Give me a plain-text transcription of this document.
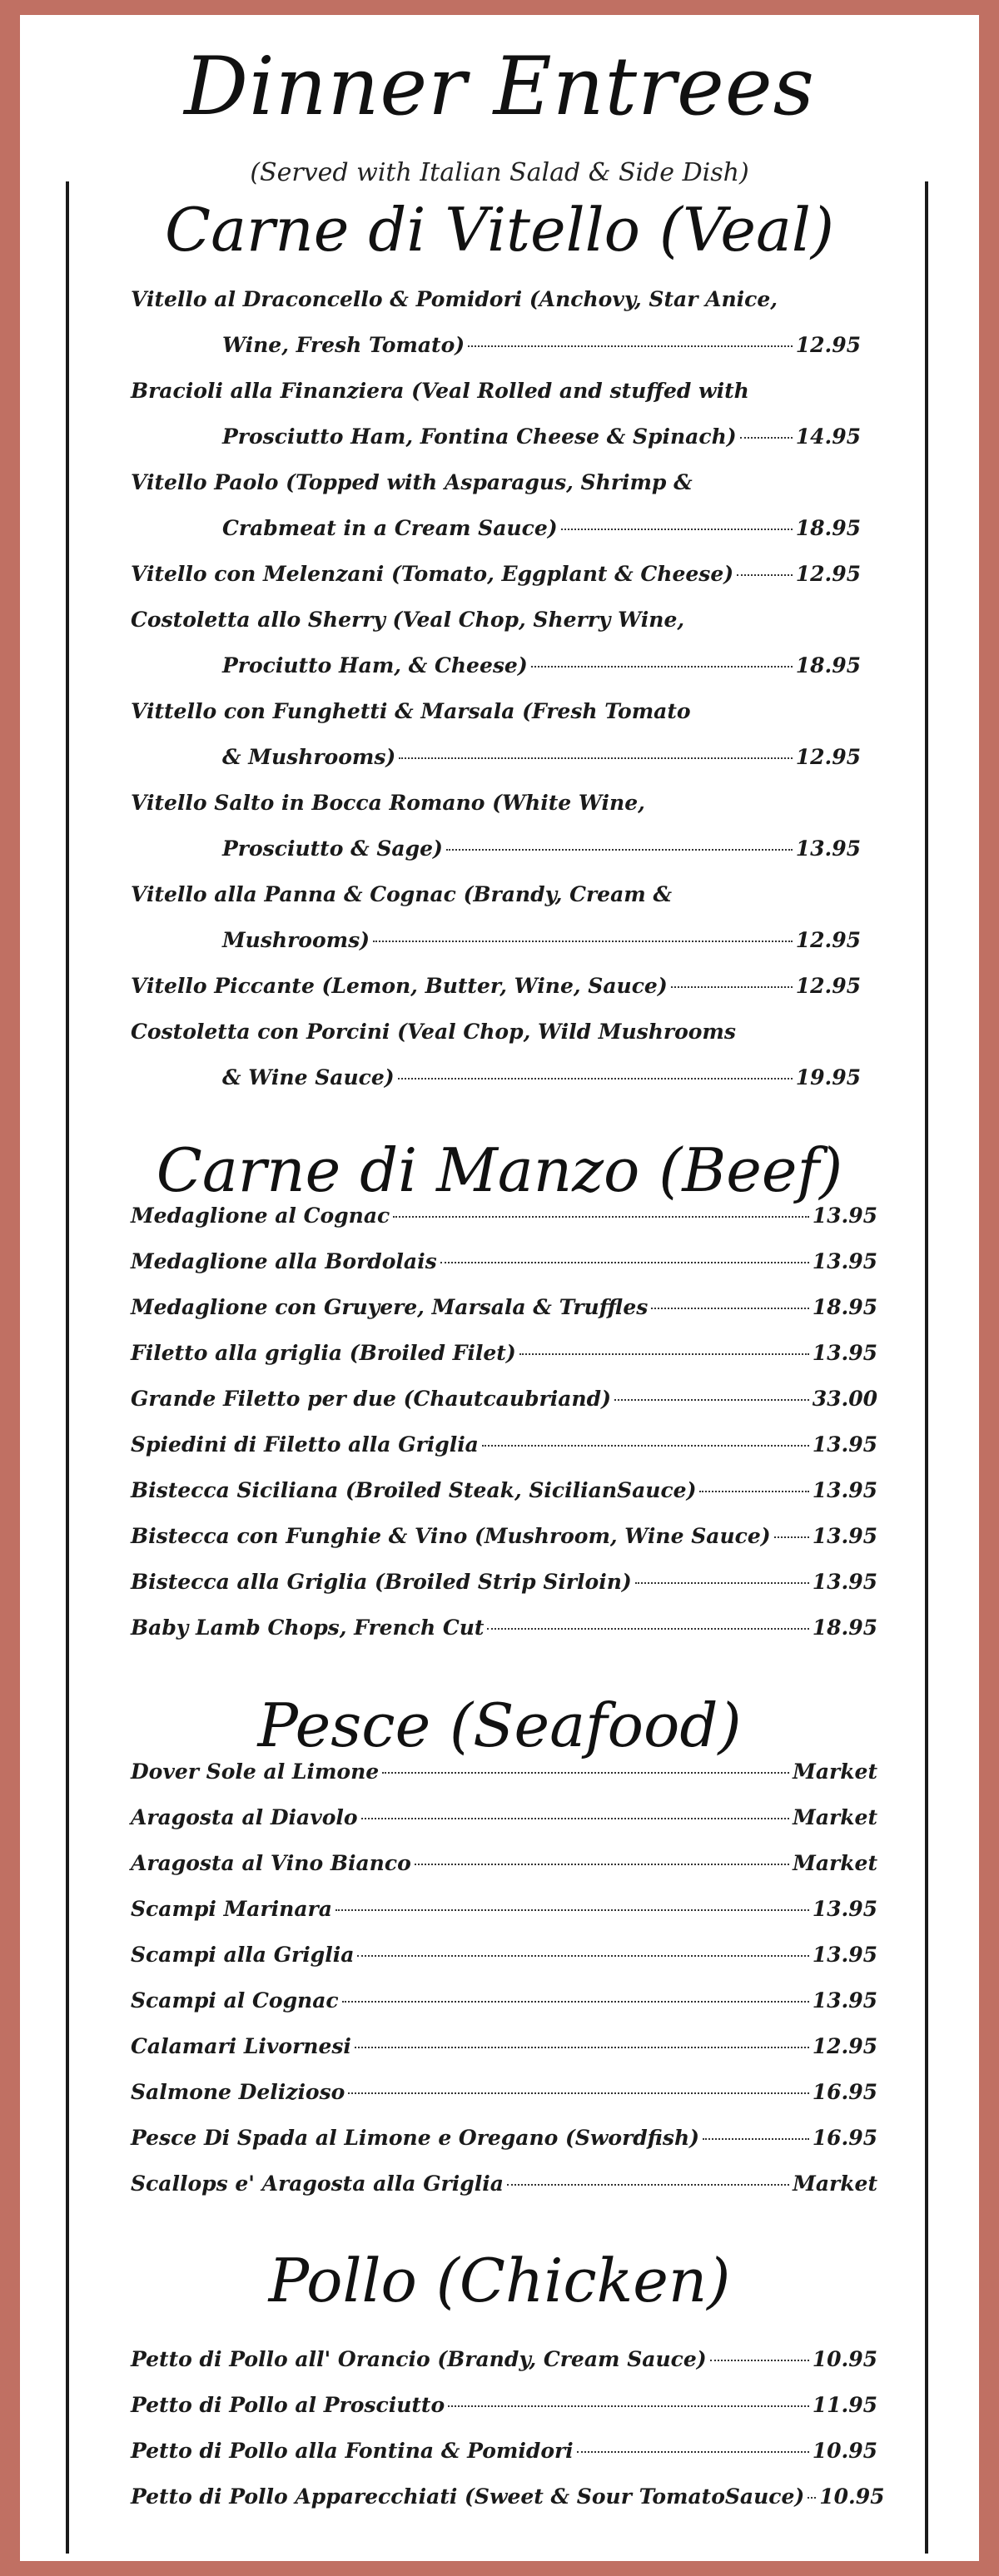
Dinner Entrees
(Served with Italian Salad & Side Dish)
Carne di Vitello (Veal)
Vitello al Draconcello & Pomidori (Anchovy, Star Anice,
Wine, Fresh Tomato)	12.95
Bracioli alla Finanziera (Veal Rolled and stuffed with
Prosciutto Ham, Fontina Cheese & Spinach)	14.95
Vitello Paolo (Topped with Asparagus, Shrimp &
Crabmeat in a Cream Sauce)	18.95
Vitello con Melenzani (Tomato, Eggplant & Cheese)	12.95
Costoletta allo Sherry (Veal Chop, Sherry Wine,
Prociutto Ham, & Cheese)	18.95
Vittello con Funghetti & Marsala (Fresh Tomato
& Mushrooms)	12.95
Vitello Salto in Bocca Romano (White Wine,
Prosciutto & Sage)	13.95
Vitello alla Panna & Cognac (Brandy, Cream &
Mushrooms)	12.95
Vitello Piccante (Lemon, Butter, Wine, Sauce)	12.95
Costoletta con Porcini (Veal Chop, Wild Mushrooms
& Wine Sauce)	19.95
Carne di Manzo (Beef)
Medaglione al Cognac	13.95
Medaglione alla Bordolais	13.95
Medaglione con Gruyere, Marsala & Truffles	18.95
Filetto alla griglia (Broiled Filet)	13.95
Grande Filetto per due (Chautcaubriand)	33.00
Spiedini di Filetto alla Griglia	13.95
Bistecca Siciliana (Broiled Steak, SicilianSauce)	13.95
Bistecca con Funghie & Vino (Mushroom, Wine Sauce) 13.95
Bistecca alla Griglia (Broiled Strip Sirloin)	13.95
Baby Lamb Chops, French Cut	18.95
Pesce (Seafood)
Dover Sole al Limone	Market
Aragosta al Diavolo	Market
Aragosta al Vino Bianco	Market
Scampi Marinara	13.95
Scampi alla Griglia	13.95
Scampi al Cognac	13.95
Calamari Livornesi	12.95
Salmone Delizioso	16.95
Pesce Di Spada al Limone e Oregano (Swordfish)	16.95
Scallops e' Aragosta alla Griglia	Market
Pollo (Chicken)
Petto di Pollo all' Orancio (Brandy, Cream Sauce)	10.95
Petto di Pollo al Prosciutto	11.95
Petto di Pollo alla Fontina & Pomidori	10.95
Petto di Pollo Apparecchiati (Sweet & Sour TomatoSauce) 10.95
